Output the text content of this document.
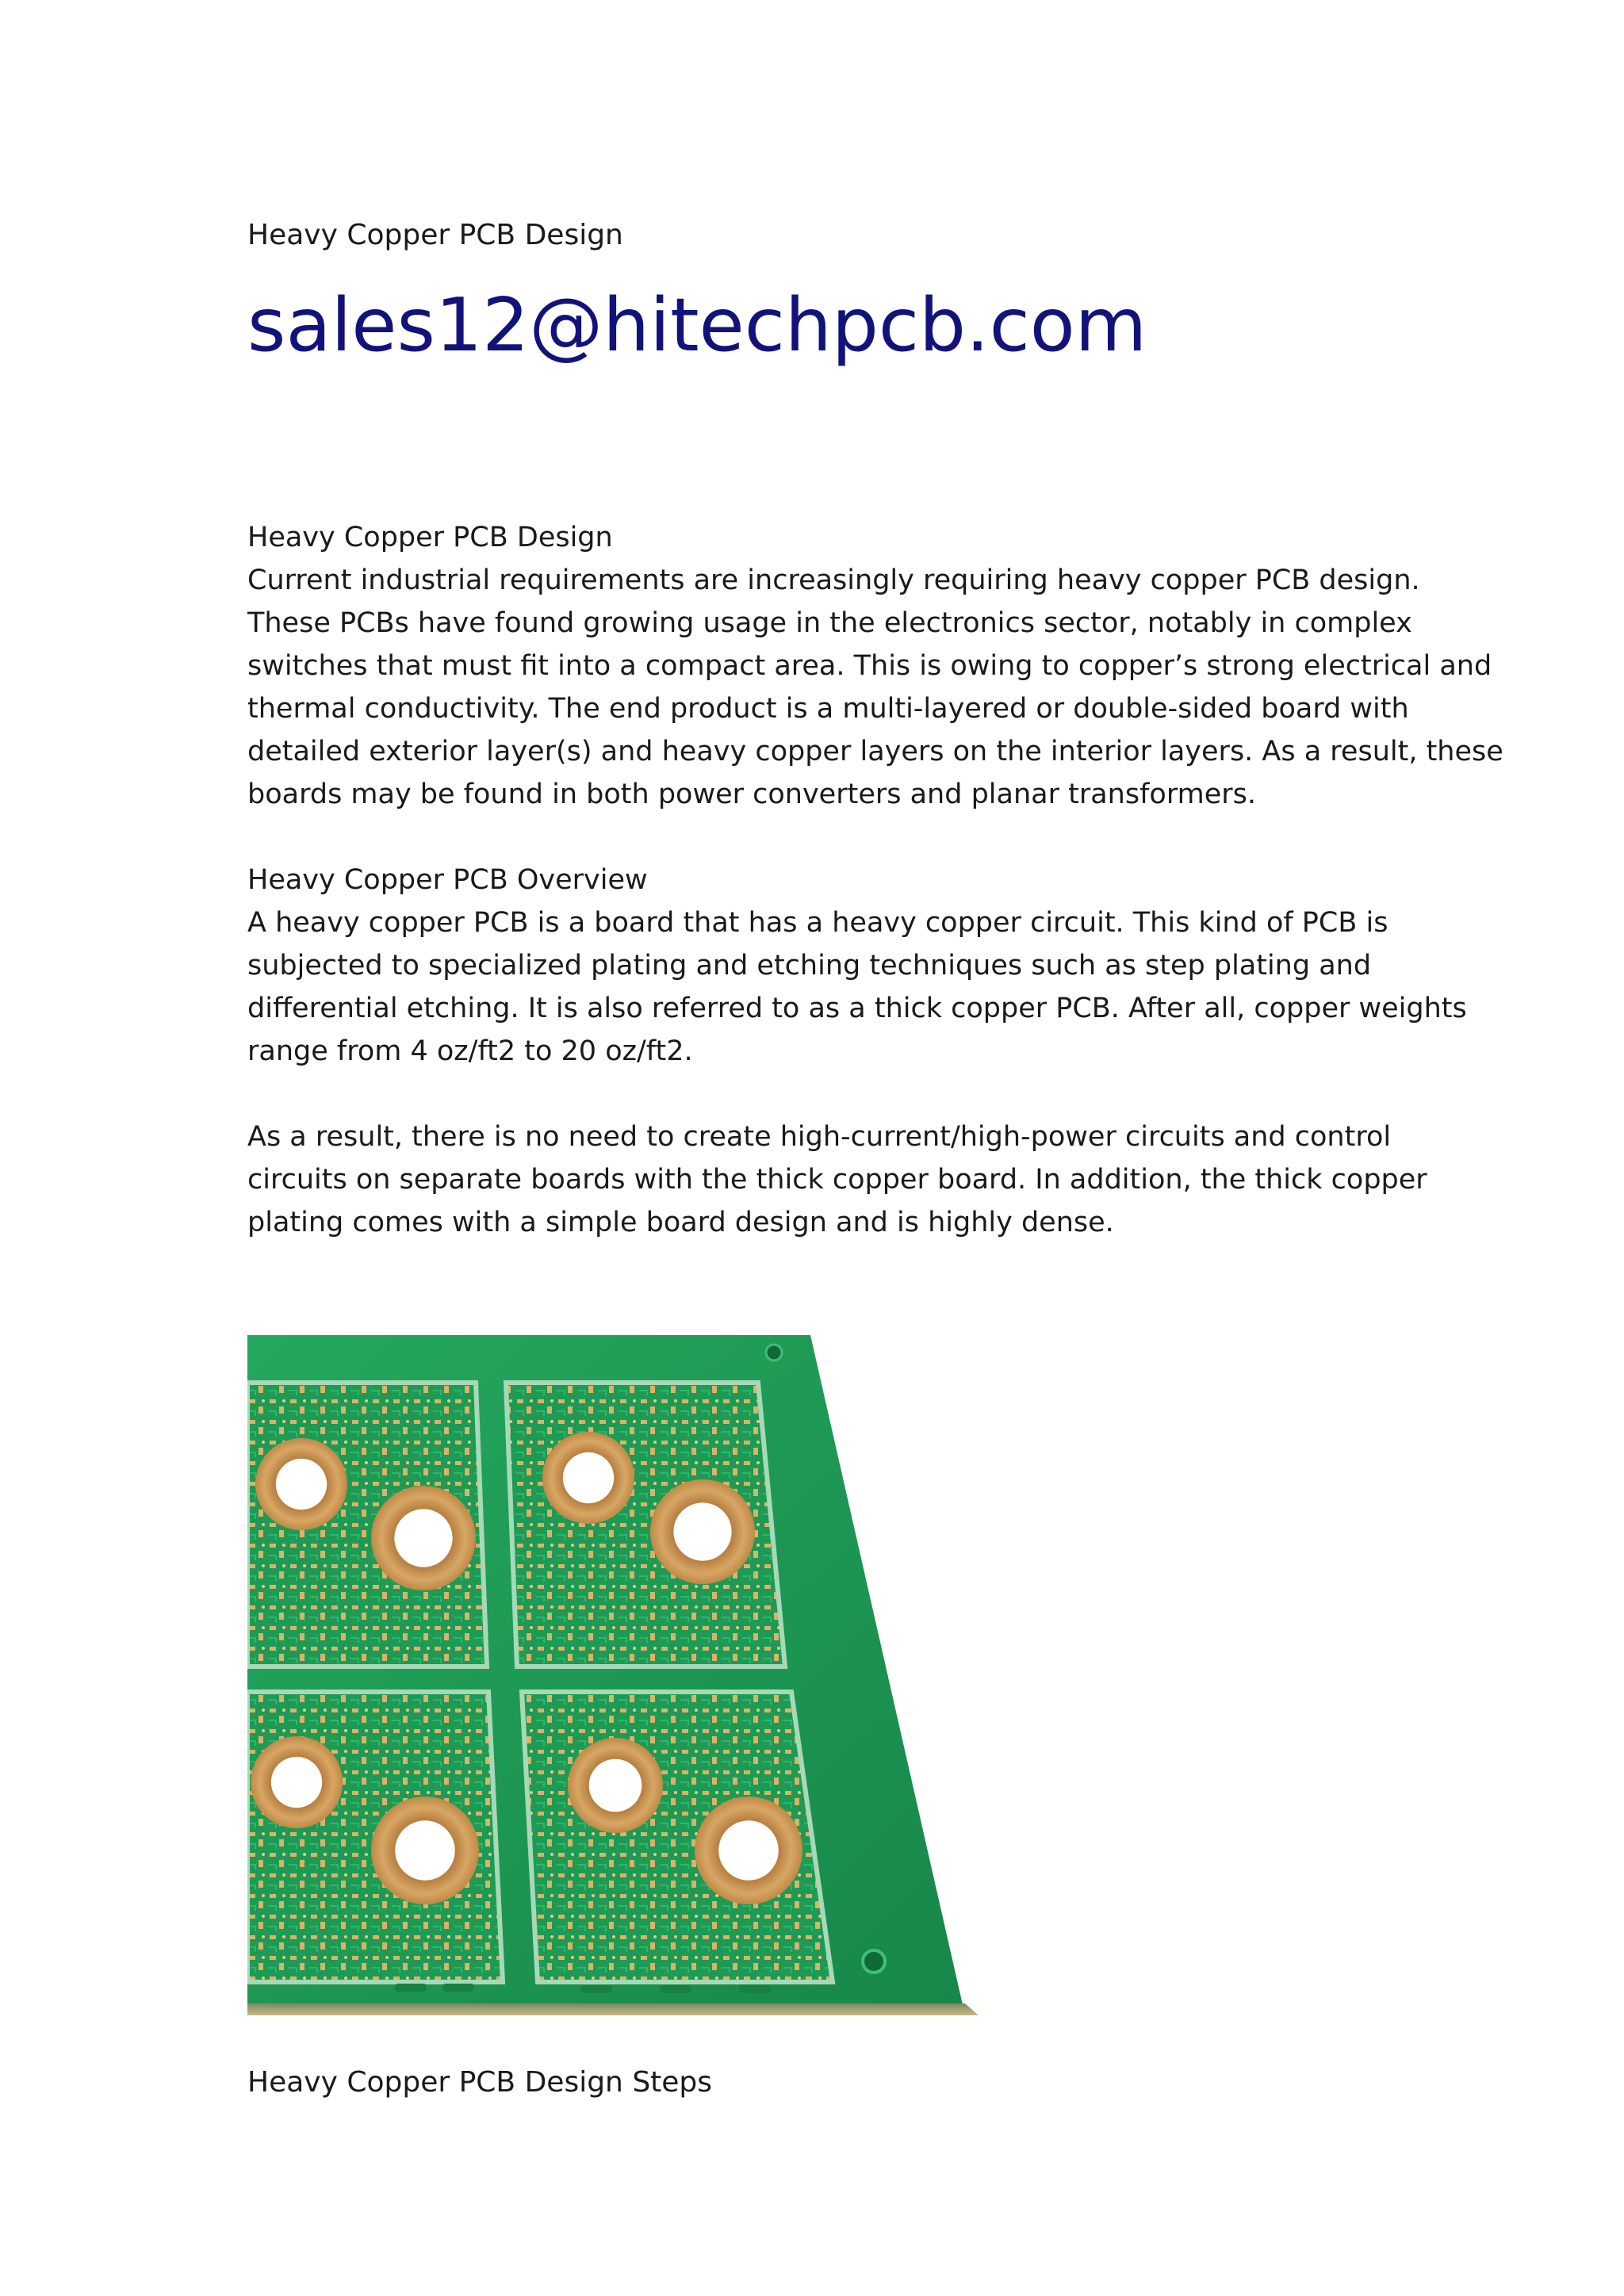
Heavy Copper PCB Design
sales12@hitechpcb.com

Heavy Copper PCB Design
Current industrial requirements are increasingly requiring heavy copper PCB design.
These PCBs have found growing usage in the electronics sector, notably in complex
switches that must fit into a compact area. This is owing to copper’s strong electrical and
thermal conductivity. The end product is a multi-layered or double-sided board with
detailed exterior layer(s) and heavy copper layers on the interior layers. As a result, these
boards may be found in both power converters and planar transformers.

Heavy Copper PCB Overview
A heavy copper PCB is a board that has a heavy copper circuit. This kind of PCB is
subjected to specialized plating and etching techniques such as step plating and
differential etching. It is also referred to as a thick copper PCB. After all, copper weights
range from 4 oz/ft2 to 20 oz/ft2.

As a result, there is no need to create high-current/high-power circuits and control
circuits on separate boards with the thick copper board. In addition, the thick copper
plating comes with a simple board design and is highly dense.

Heavy Copper PCB Design Steps
